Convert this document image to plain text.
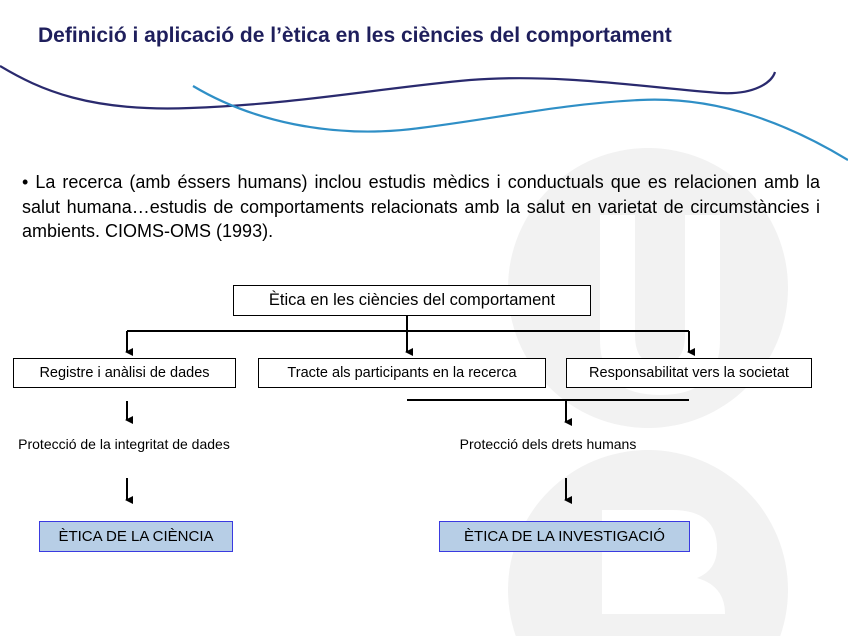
Definició i aplicació de l’ètica en les ciències del comportament
• La recerca (amb éssers humans) inclou estudis mèdics i conductuals que es relacionen amb la salut humana…estudis de comportaments relacionats amb la salut en varietat de circumstàncies i ambients. CIOMS-OMS (1993).
Ètica en les ciències del comportament
Registre i anàlisi de dades	Tracte als participants en la recerca	Responsabilitat vers la societat
Protecció de la integritat de dades	Protecció dels drets humans
ÈTICA DE LA CIÈNCIA	ÈTICA DE LA INVESTIGACIÓ
